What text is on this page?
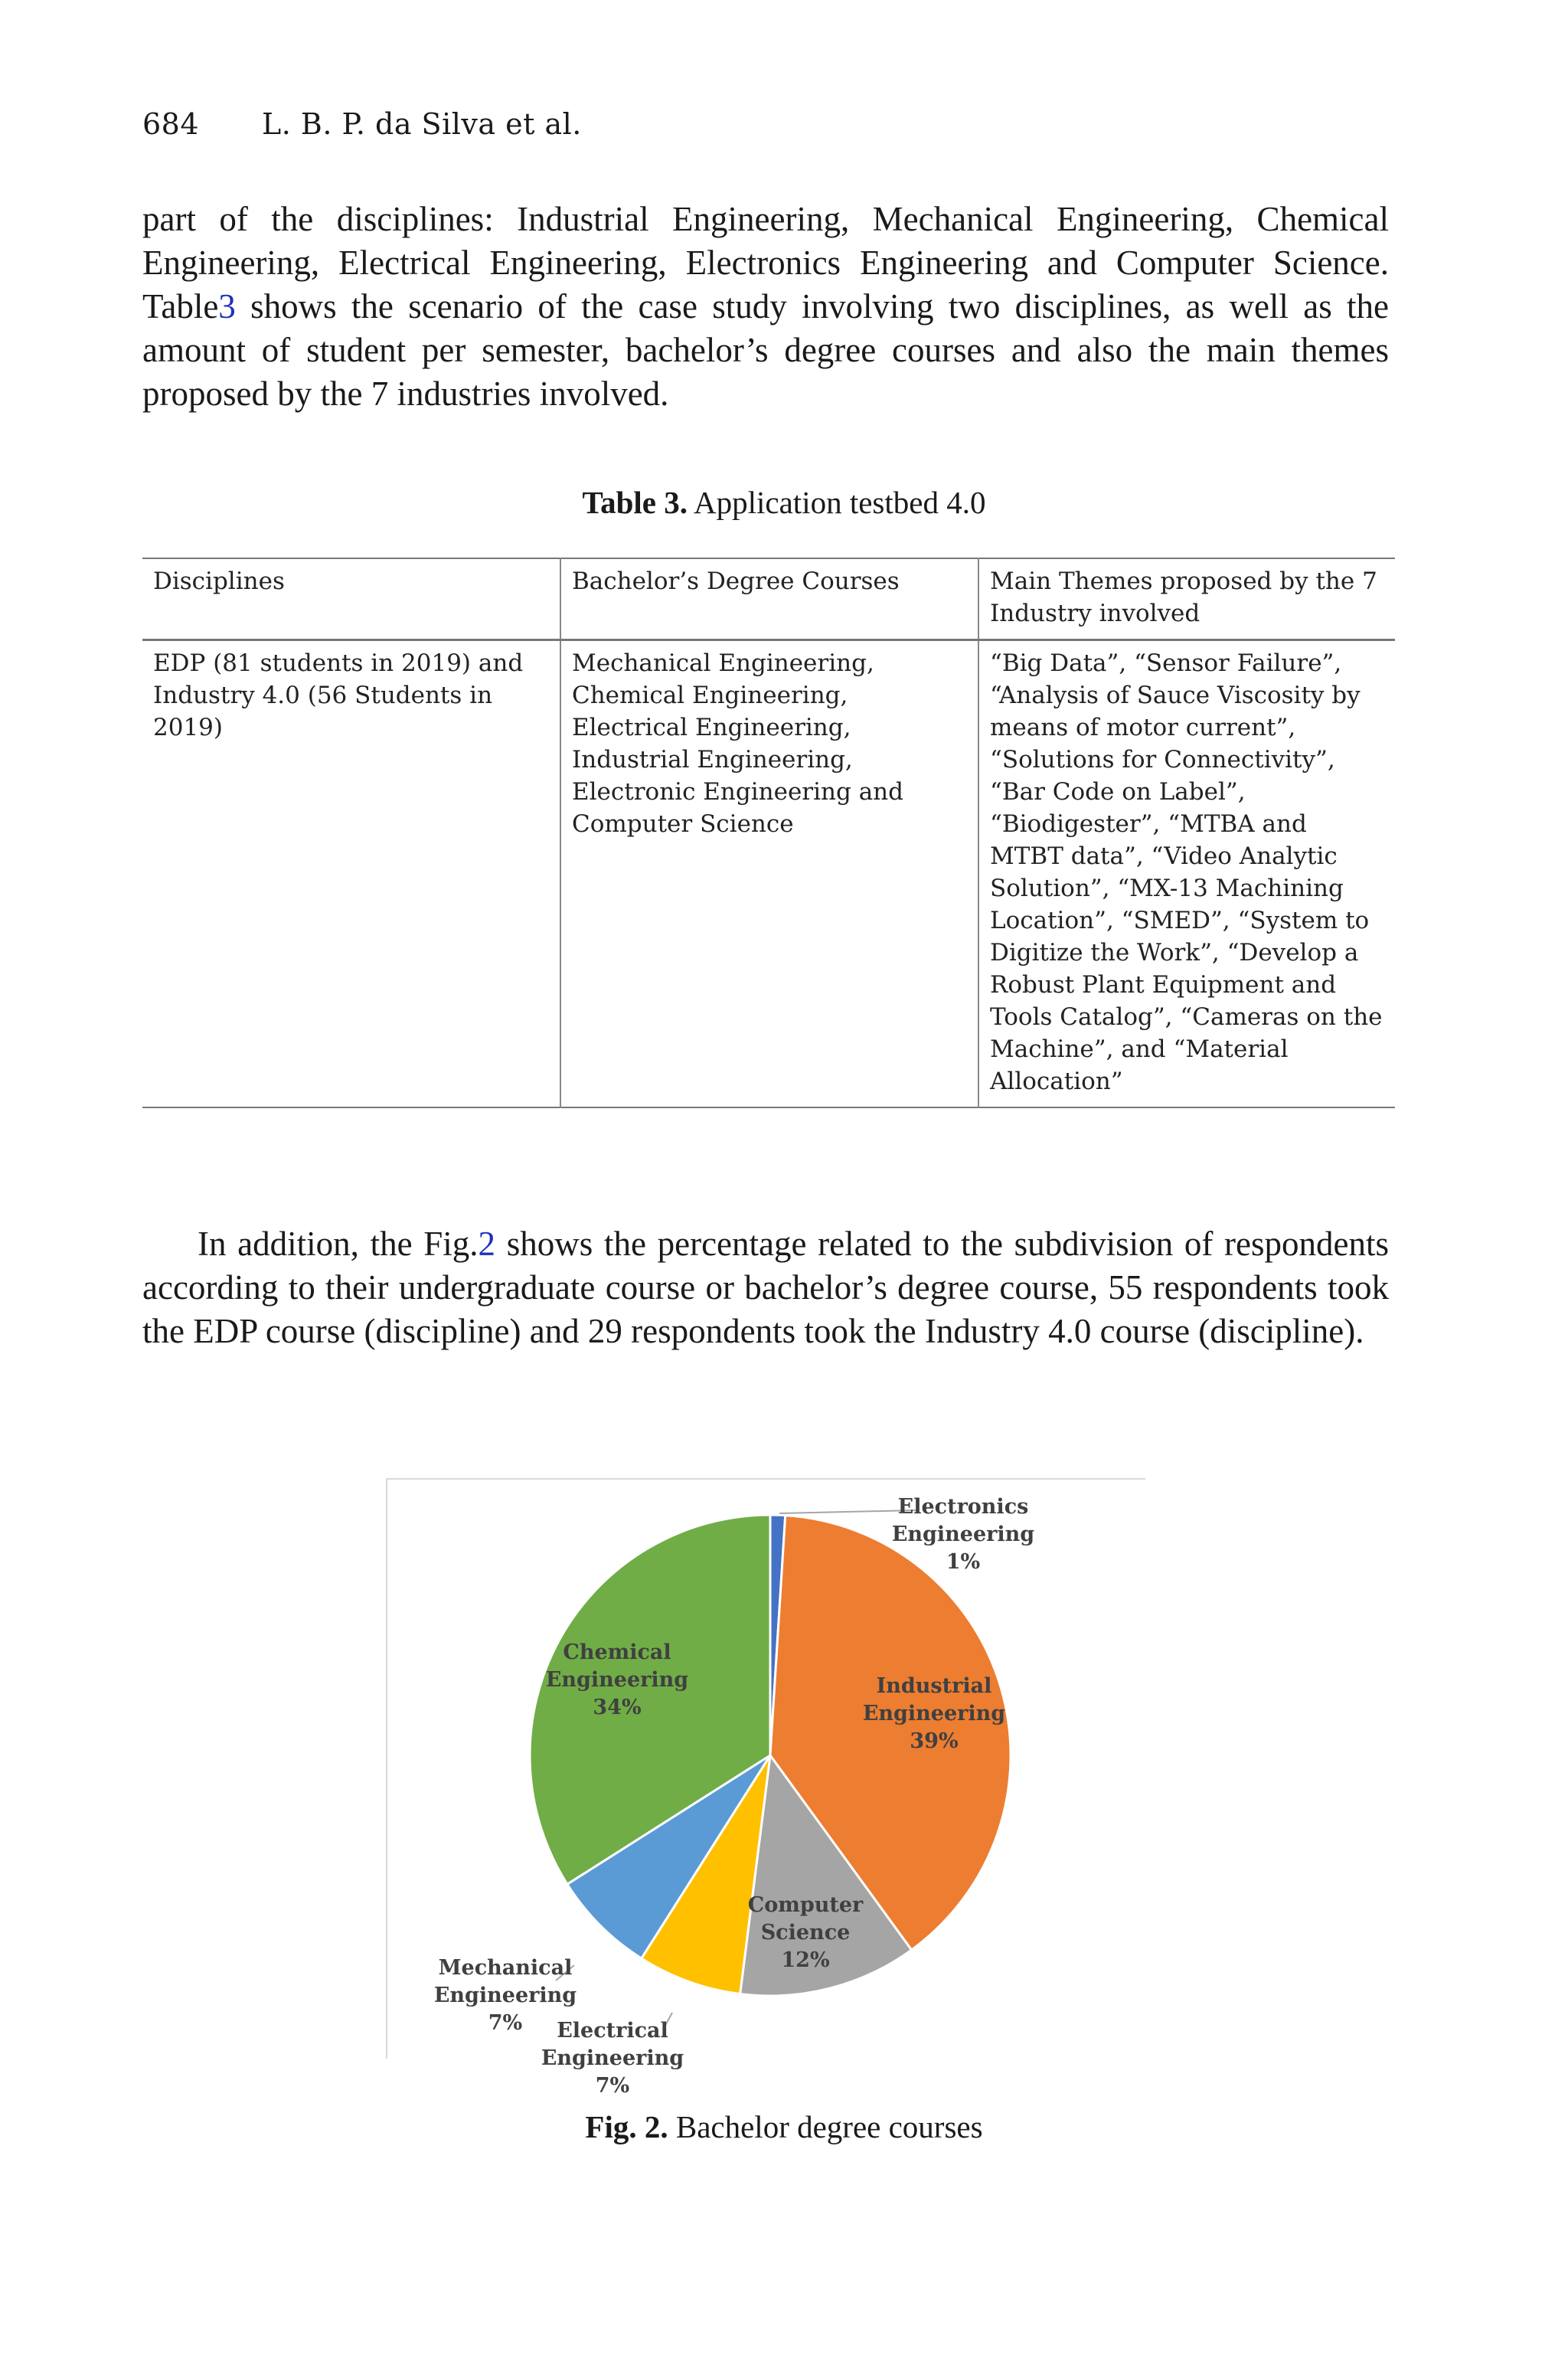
684 L. B. P. da Silva et al.
part of the disciplines: Industrial Engineering, Mechanical Engineering, Chemical Engineering, Electrical Engineering, Electronics Engineering and Computer Science. Table3 shows the scenario of the case study involving two disciplines, as well as the amount of student per semester, bachelor’s degree courses and also the main themes proposed by the 7 industries involved.
Table 3. Application testbed 4.0
Disciplines	Bachelor’s Degree Courses	Main Themes proposed by the 7 Industry involved
EDP (81 students in 2019) and Industry 4.0 (56 Students in 2019)	Mechanical Engineering, Chemical Engineering, Electrical Engineering, Industrial Engineering, Electronic Engineering and Computer Science	“Big Data”, “Sensor Failure”, “Analysis of Sauce Viscosity by means of motor current”, “Solutions for Connectivity”, “Bar Code on Label”, “Biodigester”, “MTBA and MTBT data”, “Video Analytic Solution”, “MX-13 Machining Location”, “SMED”, “System to Digitize the Work”, “Develop a Robust Plant Equipment and Tools Catalog”, “Cameras on the Machine”, and “Material Allocation”
In addition, the Fig.2 shows the percentage related to the subdivision of respondents according to their undergraduate course or bachelor’s degree course, 55 respondents took the EDP course (discipline) and 29 respondents took the Industry 4.0 course (discipline).
Electronics Engineering 1%
Industrial Engineering 39%
Computer Science 12%
Electrical Engineering 7%
Mechanical Engineering 7%
Chemical Engineering 34%
Fig. 2. Bachelor degree courses
